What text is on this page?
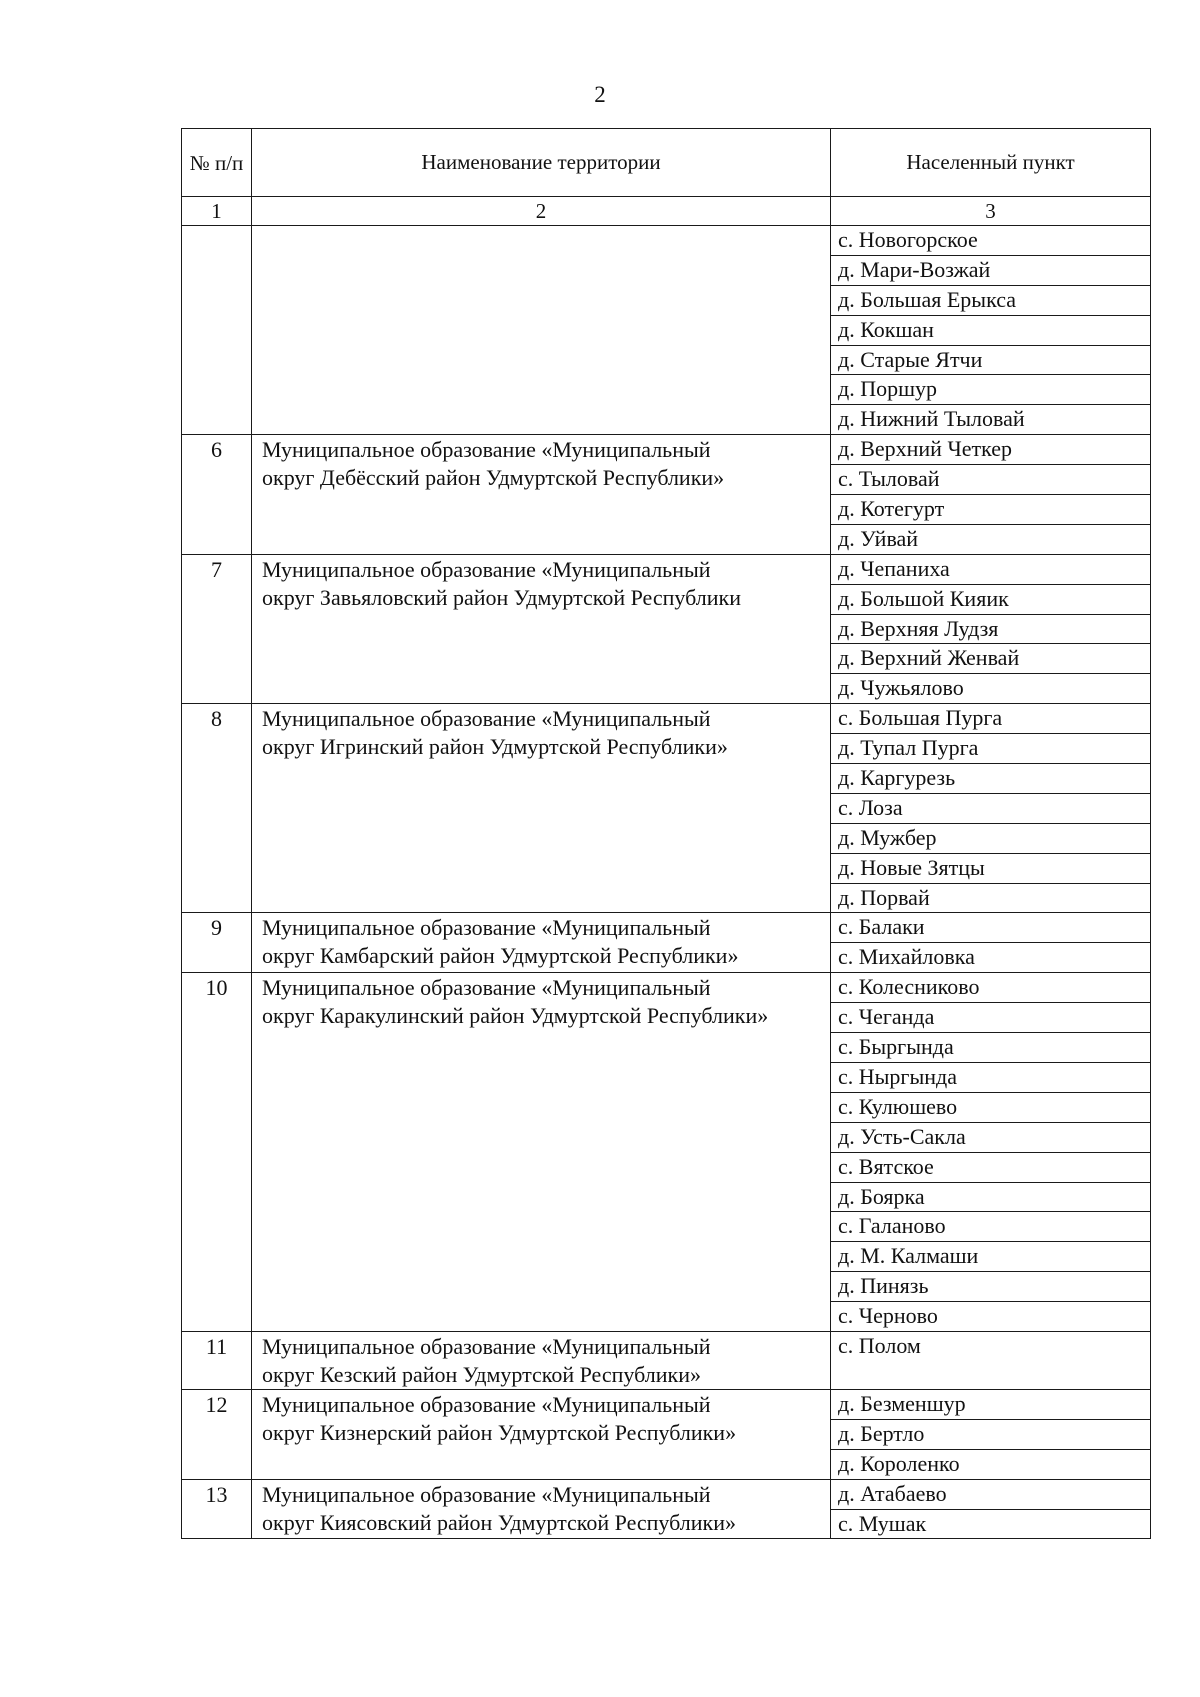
2
№ п/п	Наименование территории	Населенный пункт
1	2	3
		с. Новогорское
		д. Мари-Возжай
		д. Большая Ерыкса
		д. Кокшан
		д. Старые Ятчи
		д. Поршур
		д. Нижний Тыловай
6	Муниципальное образование «Муниципальный
округ Дебёсский район Удмуртской Республики»	д. Верхний Четкер
		с. Тыловай
		д. Котегурт
		д. Уйвай
7	Муниципальное образование «Муниципальный
округ Завьяловский район Удмуртской Республики	д. Чепаниха
		д. Большой Кияик
		д. Верхняя Лудзя
		д. Верхний Женвай
		д. Чужьялово
8	Муниципальное образование «Муниципальный
округ Игринский район Удмуртской Республики»	с. Большая Пурга
		д. Тупал Пурга
		д. Каргурезь
		с. Лоза
		д. Мужбер
		д. Новые Зятцы
		д. Порвай
9	Муниципальное образование «Муниципальный
округ Камбарский район Удмуртской Республики»	с. Балаки
		с. Михайловка
10	Муниципальное образование «Муниципальный
округ Каракулинский район Удмуртской Республики»	с. Колесниково
		с. Чеганда
		с. Быргында
		с. Ныргында
		с. Кулюшево
		д. Усть-Сакла
		с. Вятское
		д. Боярка
		с. Галаново
		д. М. Калмаши
		д. Пинязь
		с. Черново
11	Муниципальное образование «Муниципальный
округ Кезский район Удмуртской Республики»	с. Полом
12	Муниципальное образование «Муниципальный
округ Кизнерский район Удмуртской Республики»	д. Безменшур
		д. Бертло
		д. Короленко
13	Муниципальное образование «Муниципальный
округ Киясовский район Удмуртской Республики»	д. Атабаево
		с. Мушак
